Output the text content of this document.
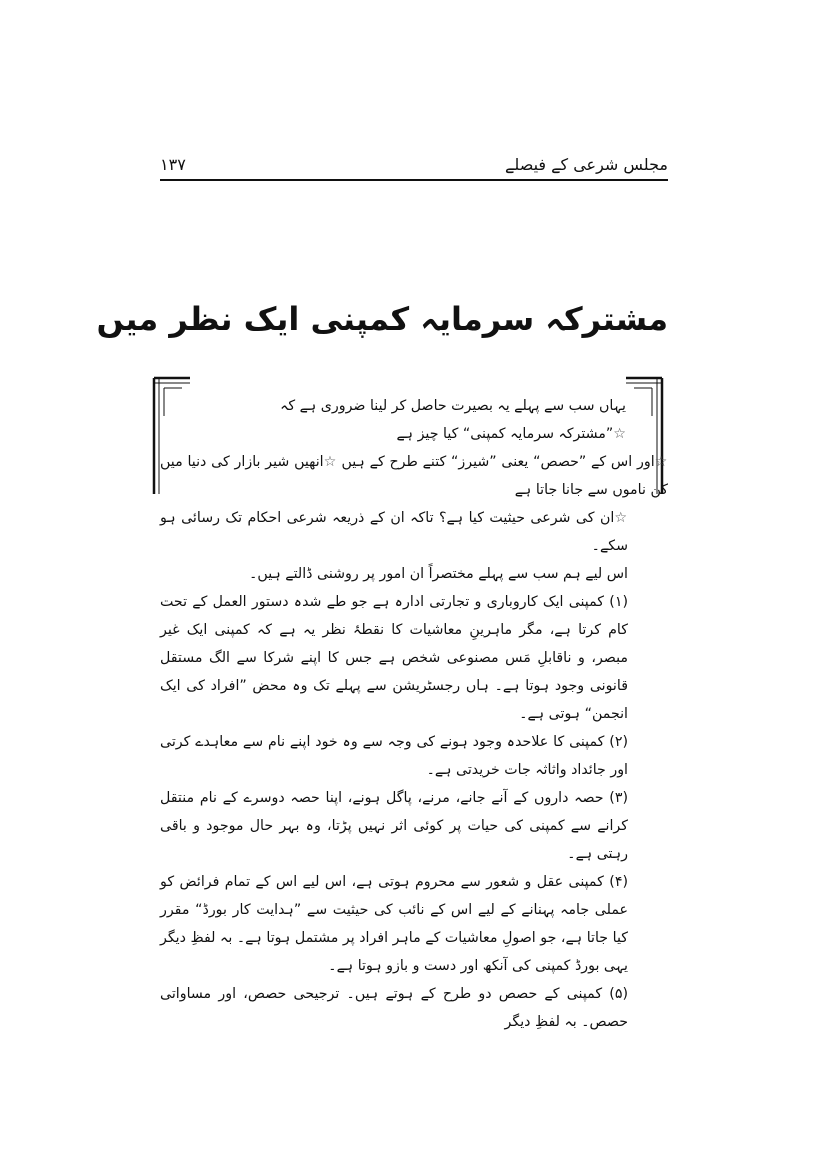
مجلس شرعی کے فیصلے
۱۳۷
مشترکہ سرمایہ کمپنی ایک نظر میں

یہاں سب سے پہلے یہ بصیرت حاصل کر لینا ضروری ہے کہ

☆”مشترکہ سرمایہ کمپنی“ کیا چیز ہے

☆اور اس کے ”حصص“ یعنی ”شیرز“ کتنے طرح کے ہیں ☆انھیں شیر بازار کی دنیا میں کن ناموں سے جانا جاتا ہے

☆ان کی شرعی حیثیت کیا ہے؟ تاکہ ان کے ذریعہ شرعی احکام تک رسائی ہو سکے۔

اس لیے ہم سب سے پہلے مختصراً ان امور پر روشنی ڈالتے ہیں۔

(۱) کمپنی ایک کاروباری و تجارتی ادارہ ہے جو طے شدہ دستور العمل کے تحت کام کرتا ہے، مگر ماہرینِ معاشیات کا نقطۂ نظر یہ ہے کہ کمپنی ایک غیر مبصر، و ناقابلِ مَس مصنوعی شخص ہے جس کا اپنے شرکا سے الگ مستقل قانونی وجود ہوتا ہے۔ ہاں رجسٹریشن سے پہلے تک وہ محض ”افراد کی ایک انجمن“ ہوتی ہے۔

(۲) کمپنی کا علاحدہ وجود ہونے کی وجہ سے وہ خود اپنے نام سے معاہدے کرتی اور جائداد واثاثہ جات خریدتی ہے۔

(۳) حصہ داروں کے آنے جانے، مرنے، پاگل ہونے، اپنا حصہ دوسرے کے نام منتقل کرانے سے کمپنی کی حیات پر کوئی اثر نہیں پڑتا، وہ بہر حال موجود و باقی رہتی ہے۔

(۴) کمپنی عقل و شعور سے محروم ہوتی ہے، اس لیے اس کے تمام فرائض کو عملی جامہ پہنانے کے لیے اس کے نائب کی حیثیت سے ”ہدایت کار بورڈ“ مقرر کیا جاتا ہے، جو اصولِ معاشیات کے ماہر افراد پر مشتمل ہوتا ہے۔ بہ لفظِ دیگر یہی بورڈ کمپنی کی آنکھ اور دست و بازو ہوتا ہے۔

(۵) کمپنی کے حصص دو طرح کے ہوتے ہیں۔ ترجیحی حصص، اور مساواتی حصص۔ بہ لفظِ دیگر
